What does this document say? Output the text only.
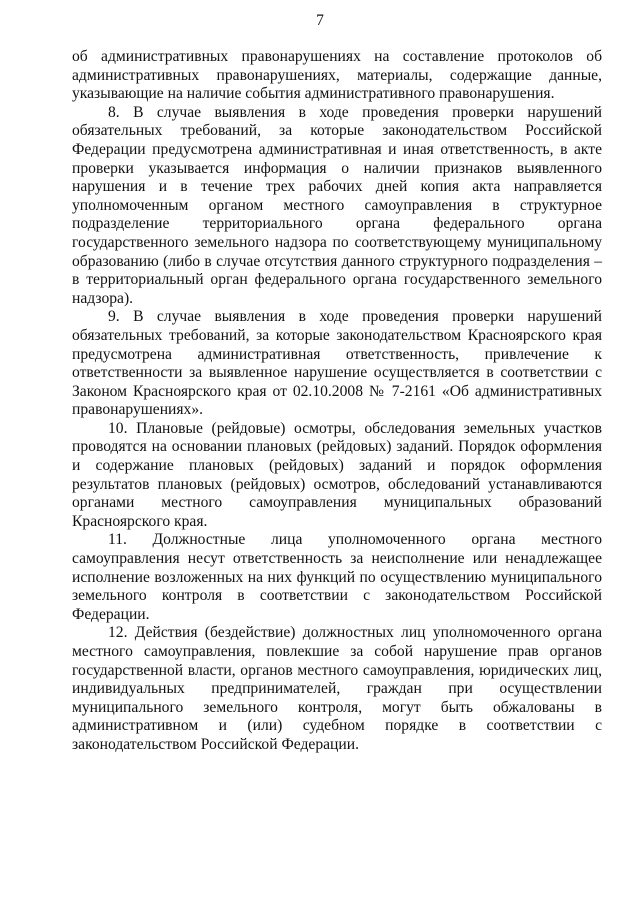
7

об административных правонарушениях на составление протоколов об административных правонарушениях, материалы, содержащие данные, указывающие на наличие события административного правонарушения.

8. В случае выявления в ходе проведения проверки нарушений обязательных требований, за которые законодательством Российской Федерации предусмотрена административная и иная ответственность, в акте проверки указывается информация о наличии признаков выявленного нарушения и в течение трех рабочих дней копия акта направляется уполномоченным органом местного самоуправления в структурное подразделение территориального органа федерального органа государственного земельного надзора по соответствующему муниципальному образованию (либо в случае отсутствия данного структурного подразделения – в территориальный орган федерального органа государственного земельного надзора).

9. В случае выявления в ходе проведения проверки нарушений обязательных требований, за которые законодательством Красноярского края предусмотрена административная ответственность, привлечение к ответственности за выявленное нарушение осуществляется в соответствии с Законом Красноярского края от 02.10.2008 № 7-2161 «Об административных правонарушениях».

10. Плановые (рейдовые) осмотры, обследования земельных участков проводятся на основании плановых (рейдовых) заданий. Порядок оформления и содержание плановых (рейдовых) заданий и порядок оформления результатов плановых (рейдовых) осмотров, обследований устанавливаются органами местного самоуправления муниципальных образований Красноярского края.

11. Должностные лица уполномоченного органа местного самоуправления несут ответственность за неисполнение или ненадлежащее исполнение возложенных на них функций по осуществлению муниципального земельного контроля в соответствии с законодательством Российской Федерации.

12. Действия (бездействие) должностных лиц уполномоченного органа местного самоуправления, повлекшие за собой нарушение прав органов государственной власти, органов местного самоуправления, юридических лиц, индивидуальных предпринимателей, граждан при осуществлении муниципального земельного контроля, могут быть обжалованы в административном и (или) судебном порядке в соответствии с законодательством Российской Федерации.
